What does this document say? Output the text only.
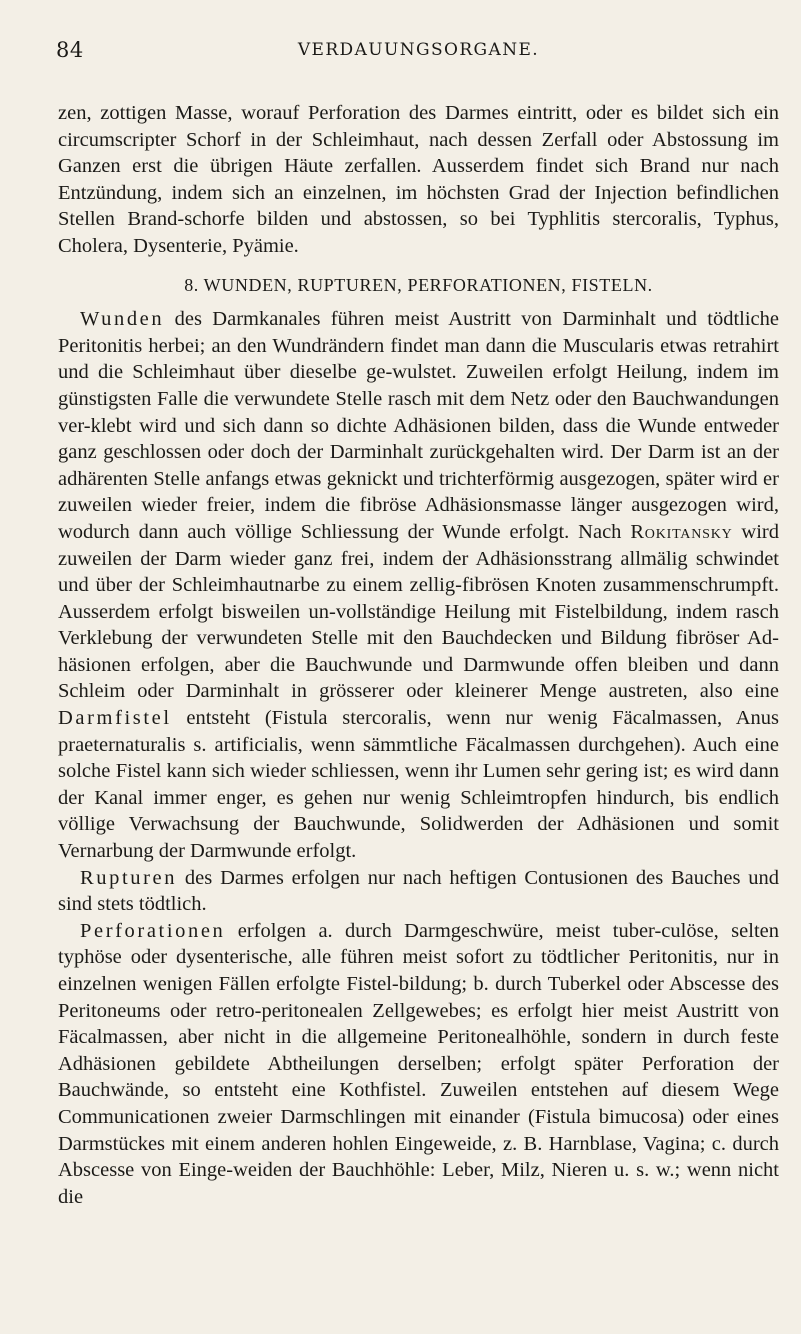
84	VERDAUUNGSORGANE.

zen, zottigen Masse, worauf Perforation des Darmes eintritt, oder es bildet sich ein circumscripter Schorf in der Schleimhaut, nach dessen Zerfall oder Abstossung im Ganzen erst die übrigen Häute zerfallen. Ausserdem findet sich Brand nur nach Entzündung, indem sich an einzelnen, im höchsten Grad der Injection befindlichen Stellen Brand-schorfe bilden und abstossen, so bei Typhlitis stercoralis, Typhus, Cholera, Dysenterie, Pyämie.

8. WUNDEN, RUPTUREN, PERFORATIONEN, FISTELN.

Wunden des Darmkanales führen meist Austritt von Darminhalt und tödtliche Peritonitis herbei; an den Wundrändern findet man dann die Muscularis etwas retrahirt und die Schleimhaut über dieselbe ge-wulstet. Zuweilen erfolgt Heilung, indem im günstigsten Falle die verwundete Stelle rasch mit dem Netz oder den Bauchwandungen ver-klebt wird und sich dann so dichte Adhäsionen bilden, dass die Wunde entweder ganz geschlossen oder doch der Darminhalt zurückgehalten wird. Der Darm ist an der adhärenten Stelle anfangs etwas geknickt und trichterförmig ausgezogen, später wird er zuweilen wieder freier, indem die fibröse Adhäsionsmasse länger ausgezogen wird, wodurch dann auch völlige Schliessung der Wunde erfolgt. Nach Rokitansky wird zuweilen der Darm wieder ganz frei, indem der Adhäsionsstrang allmälig schwindet und über der Schleimhautnarbe zu einem zellig-fibrösen Knoten zusammenschrumpft. Ausserdem erfolgt bisweilen un-vollständige Heilung mit Fistelbildung, indem rasch Verklebung der verwundeten Stelle mit den Bauchdecken und Bildung fibröser Ad-häsionen erfolgen, aber die Bauchwunde und Darmwunde offen bleiben und dann Schleim oder Darminhalt in grösserer oder kleinerer Menge austreten, also eine Darmfistel entsteht (Fistula stercoralis, wenn nur wenig Fäcalmassen, Anus praeternaturalis s. artificialis, wenn sämmtliche Fäcalmassen durchgehen). Auch eine solche Fistel kann sich wieder schliessen, wenn ihr Lumen sehr gering ist; es wird dann der Kanal immer enger, es gehen nur wenig Schleimtropfen hindurch, bis endlich völlige Verwachsung der Bauchwunde, Solidwerden der Adhäsionen und somit Vernarbung der Darmwunde erfolgt.

Rupturen des Darmes erfolgen nur nach heftigen Contusionen des Bauches und sind stets tödtlich.

Perforationen erfolgen a. durch Darmgeschwüre, meist tuber-culöse, selten typhöse oder dysenterische, alle führen meist sofort zu tödtlicher Peritonitis, nur in einzelnen wenigen Fällen erfolgte Fistel-bildung; b. durch Tuberkel oder Abscesse des Peritoneums oder retro-peritonealen Zellgewebes; es erfolgt hier meist Austritt von Fäcalmassen, aber nicht in die allgemeine Peritonealhöhle, sondern in durch feste Adhäsionen gebildete Abtheilungen derselben; erfolgt später Perforation der Bauchwände, so entsteht eine Kothfistel. Zuweilen entstehen auf diesem Wege Communicationen zweier Darmschlingen mit einander (Fistula bimucosa) oder eines Darmstückes mit einem anderen hohlen Eingeweide, z. B. Harnblase, Vagina; c. durch Abscesse von Einge-weiden der Bauchhöhle: Leber, Milz, Nieren u. s. w.; wenn nicht die
